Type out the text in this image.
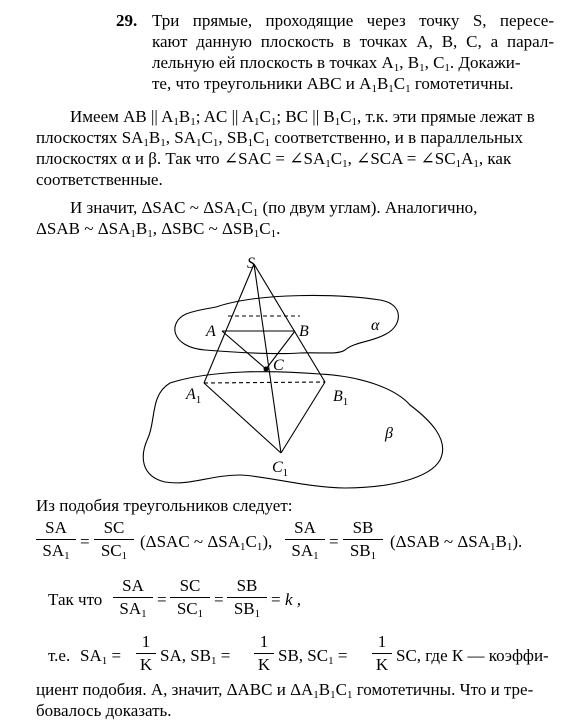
29. Три прямые, проходящие через точку S, пересе-
кают данную плоскость в точках A, B, C, а парал-
лельную ей плоскость в точках $A_1$, $B_1$, $C_1$. Докажи-
те, что треугольники ABC и $A_1B_1C_1$ гомотетичны.
Имеем AB || $A_1B_1$; AC || $A_1C_1$; BC || $B_1C_1$, т.к. эти прямые лежат в
плоскостях $SA_1B_1$, $SA_1C_1$, $SB_1C_1$ соответственно, и в параллельных
плоскостях α и β. Так что ∠SAC = $\angle SA_1C_1$, ∠SCA = $\angle SC_1A_1$, как
соответственные.
И значит, ΔSAC ~ $\Delta SA_1C_1$ (по двум углам). Аналогично,
ΔSAB ~ $\Delta SA_1B_1$, ΔSBC ~ $\Delta SB_1C_1$.
S
A	B
C
$A_1$	$B_1$
$C_1$
α
β
Из подобия треугольников следует:
SA
$SA_1$
=
SC
$SC_1$
(ΔSAC ~ $\Delta SA_1C_1$),
SA
$SA_1$
=
SB
$SB_1$
(ΔSAB ~ $\Delta SA_1B_1$).
Так что
SA
$SA_1$
=
SC
$SC_1$
=
SB
$SB_1$
= k ,
т.е. $SA_1$ =
1
K SA, $SB_1$ =
1
K SB, $SC_1$ =
1
K SC, где К — коэффи-
циент подобия. А, значит, ΔABC и $\Delta A_1B_1C_1$ гомотетичны. Что и тре-
бовалось доказать.
